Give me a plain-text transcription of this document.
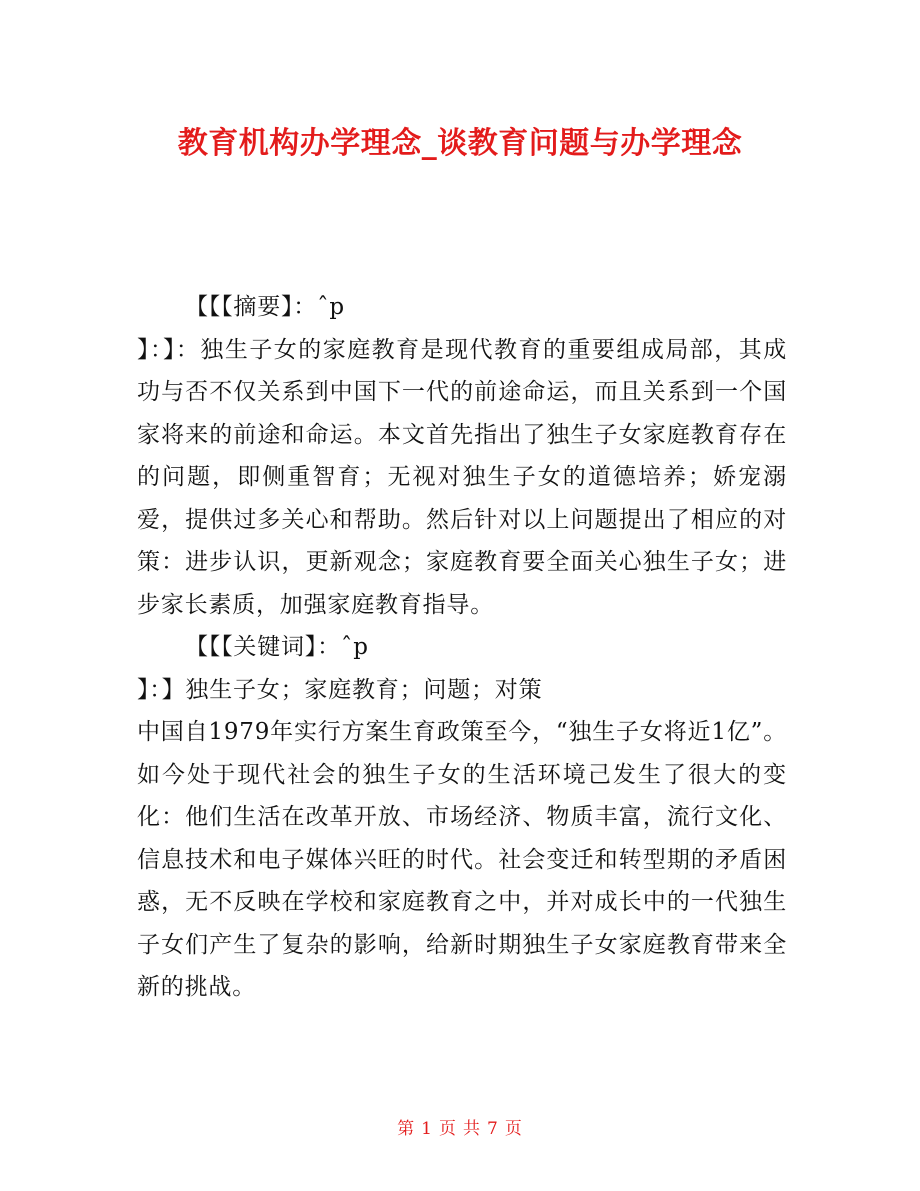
教育机构办学理念_谈教育问题与办学理念

【【【摘要】：ˆp

】：】：独生子女的家庭教育是现代教育的重要组成局部，其成功与否不仅关系到中国下一代的前途命运，而且关系到一个国家将来的前途和命运。本文首先指出了独生子女家庭教育存在的问题，即侧重智育；无视对独生子女的道德培养；娇宠溺爱，提供过多关心和帮助。然后针对以上问题提出了相应的对策：进步认识，更新观念；家庭教育要全面关心独生子女；进步家长素质，加强家庭教育指导。

【【【关键词】：ˆp

】：】独生子女；家庭教育；问题；对策

中国自1979年实行方案生育政策至今，“独生子女将近1亿”。如今处于现代社会的独生子女的生活环境己发生了很大的变化：他们生活在改革开放、市场经济、物质丰富，流行文化、信息技术和电子媒体兴旺的时代。社会变迁和转型期的矛盾困惑，无不反映在学校和家庭教育之中，并对成长中的一代独生子女们产生了复杂的影响，给新时期独生子女家庭教育带来全新的挑战。

第 1 页 共 7 页
